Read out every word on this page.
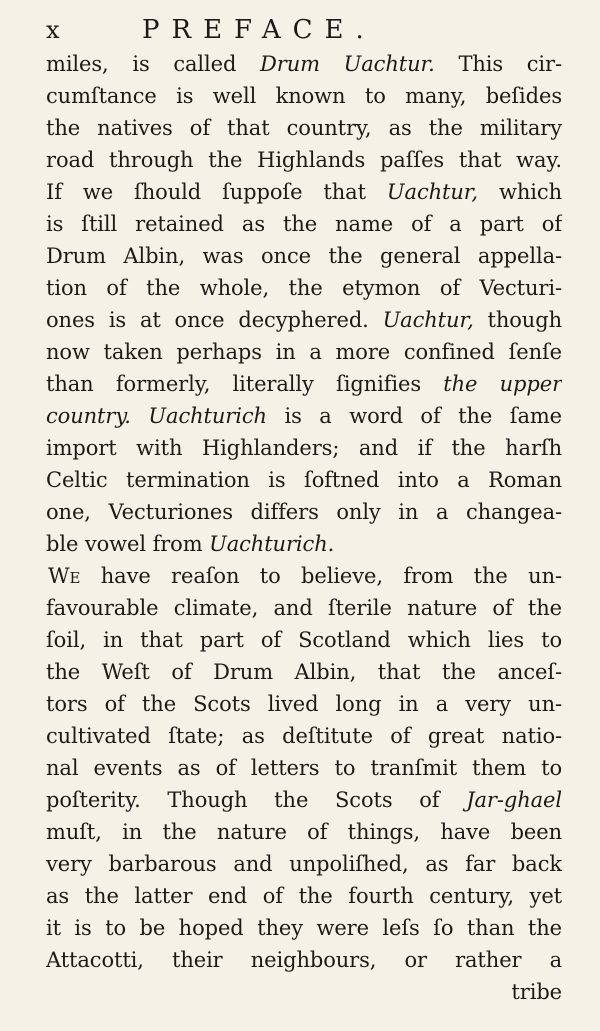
x	PREFACE.
miles, is called Drum Uachtur. This cir-
cumſtance is well known to many, beſides
the natives of that country, as the military
road through the Highlands paſſes that way.
If we ſhould ſuppoſe that Uachtur, which
is ſtill retained as the name of a part of
Drum Albin, was once the general appella-
tion of the whole, the etymon of Vecturi-
ones is at once decyphered. Uachtur, though
now taken perhaps in a more confined ſenſe
than formerly, literally ſignifies the upper
country. Uachturich is a word of the ſame
import with Highlanders; and if the harſh
Celtic termination is ſoftned into a Roman
one, Vecturiones differs only in a changea-
ble vowel from Uachturich.
We have reaſon to believe, from the un-
favourable climate, and ſterile nature of the
ſoil, in that part of Scotland which lies to
the Weſt of Drum Albin, that the anceſ-
tors of the Scots lived long in a very un-
cultivated ſtate; as deſtitute of great natio-
nal events as of letters to tranſmit them to
poſterity. Though the Scots of Jar-ghael
muſt, in the nature of things, have been
very barbarous and unpoliſhed, as far back
as the latter end of the fourth century, yet
it is to be hoped they were leſs ſo than the
Attacotti, their neighbours, or rather a
tribe
